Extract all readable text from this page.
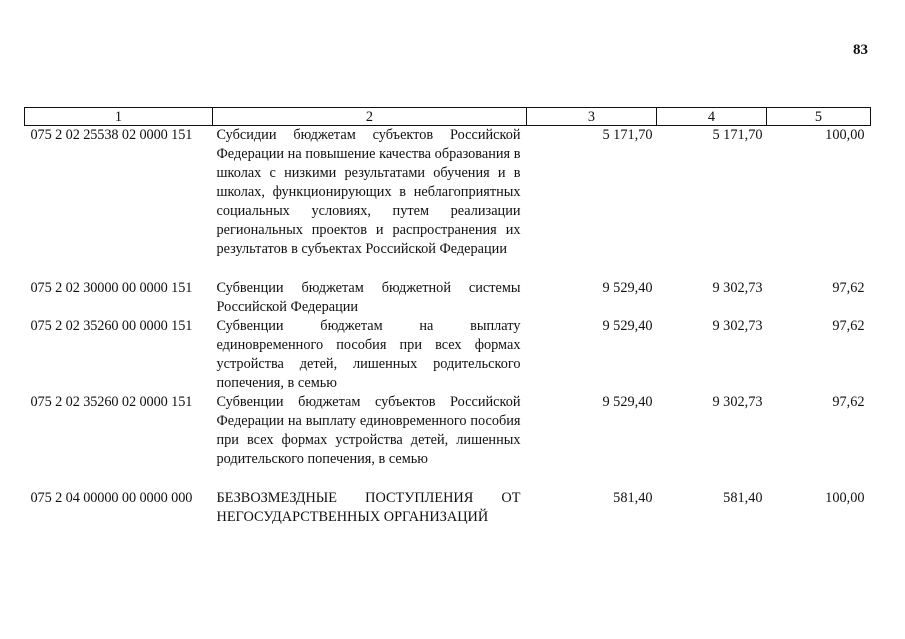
83
1	2	3	4	5
075 2 02 25538 02 0000 151	Субсидии бюджетам субъектов Российской Федерации на повышение качества образования в школах с низкими результатами обучения и в школах, функционирующих в неблагоприятных социальных условиях, путем реализации региональных проектов и распространения их результатов в субъектах Российской Федерации	5 171,70	5 171,70	100,00

075 2 02 30000 00 0000 151	Субвенции бюджетам бюджетной системы Российской Федерации	9 529,40	9 302,73	97,62
075 2 02 35260 00 0000 151	Субвенции бюджетам на выплату единовременного пособия при всех формах устройства детей, лишенных родительского попечения, в семью	9 529,40	9 302,73	97,62
075 2 02 35260 02 0000 151	Субвенции бюджетам субъектов Российской Федерации на выплату единовременного пособия при всех формах устройства детей, лишенных родительского попечения, в семью	9 529,40	9 302,73	97,62

075 2 04 00000 00 0000 000	БЕЗВОЗМЕЗДНЫЕ ПОСТУПЛЕНИЯ ОТ НЕГОСУДАРСТВЕННЫХ ОРГАНИЗАЦИЙ	581,40	581,40	100,00
